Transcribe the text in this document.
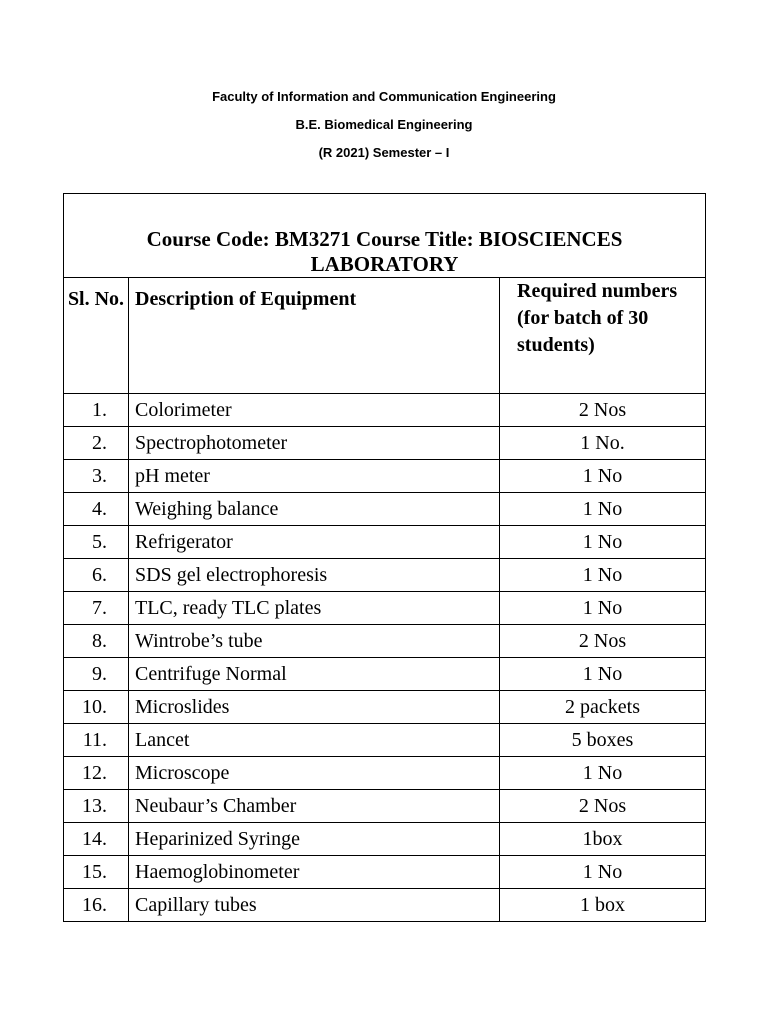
Faculty of Information and Communication Engineering
B.E. Biomedical Engineering
(R 2021) Semester – I
Course Code: BM3271 Course Title: BIOSCIENCES LABORATORY		
Sl. No.	Description of Equipment	Required numbers (for batch of 30 students)
1.	Colorimeter	2 Nos
2.	Spectrophotometer	1 No.
3.	pH meter	1 No
4.	Weighing balance	1 No
5.	Refrigerator	1 No
6.	SDS gel electrophoresis	1 No
7.	TLC, ready TLC plates	1 No
8.	Wintrobe’s tube	2 Nos
9.	Centrifuge Normal	1 No
10.	Microslides	2 packets
11.	Lancet	5 boxes
12.	Microscope	1 No
13.	Neubaur’s Chamber	2 Nos
14.	Heparinized Syringe	1box
15.	Haemoglobinometer	1 No
16.	Capillary tubes	1 box
